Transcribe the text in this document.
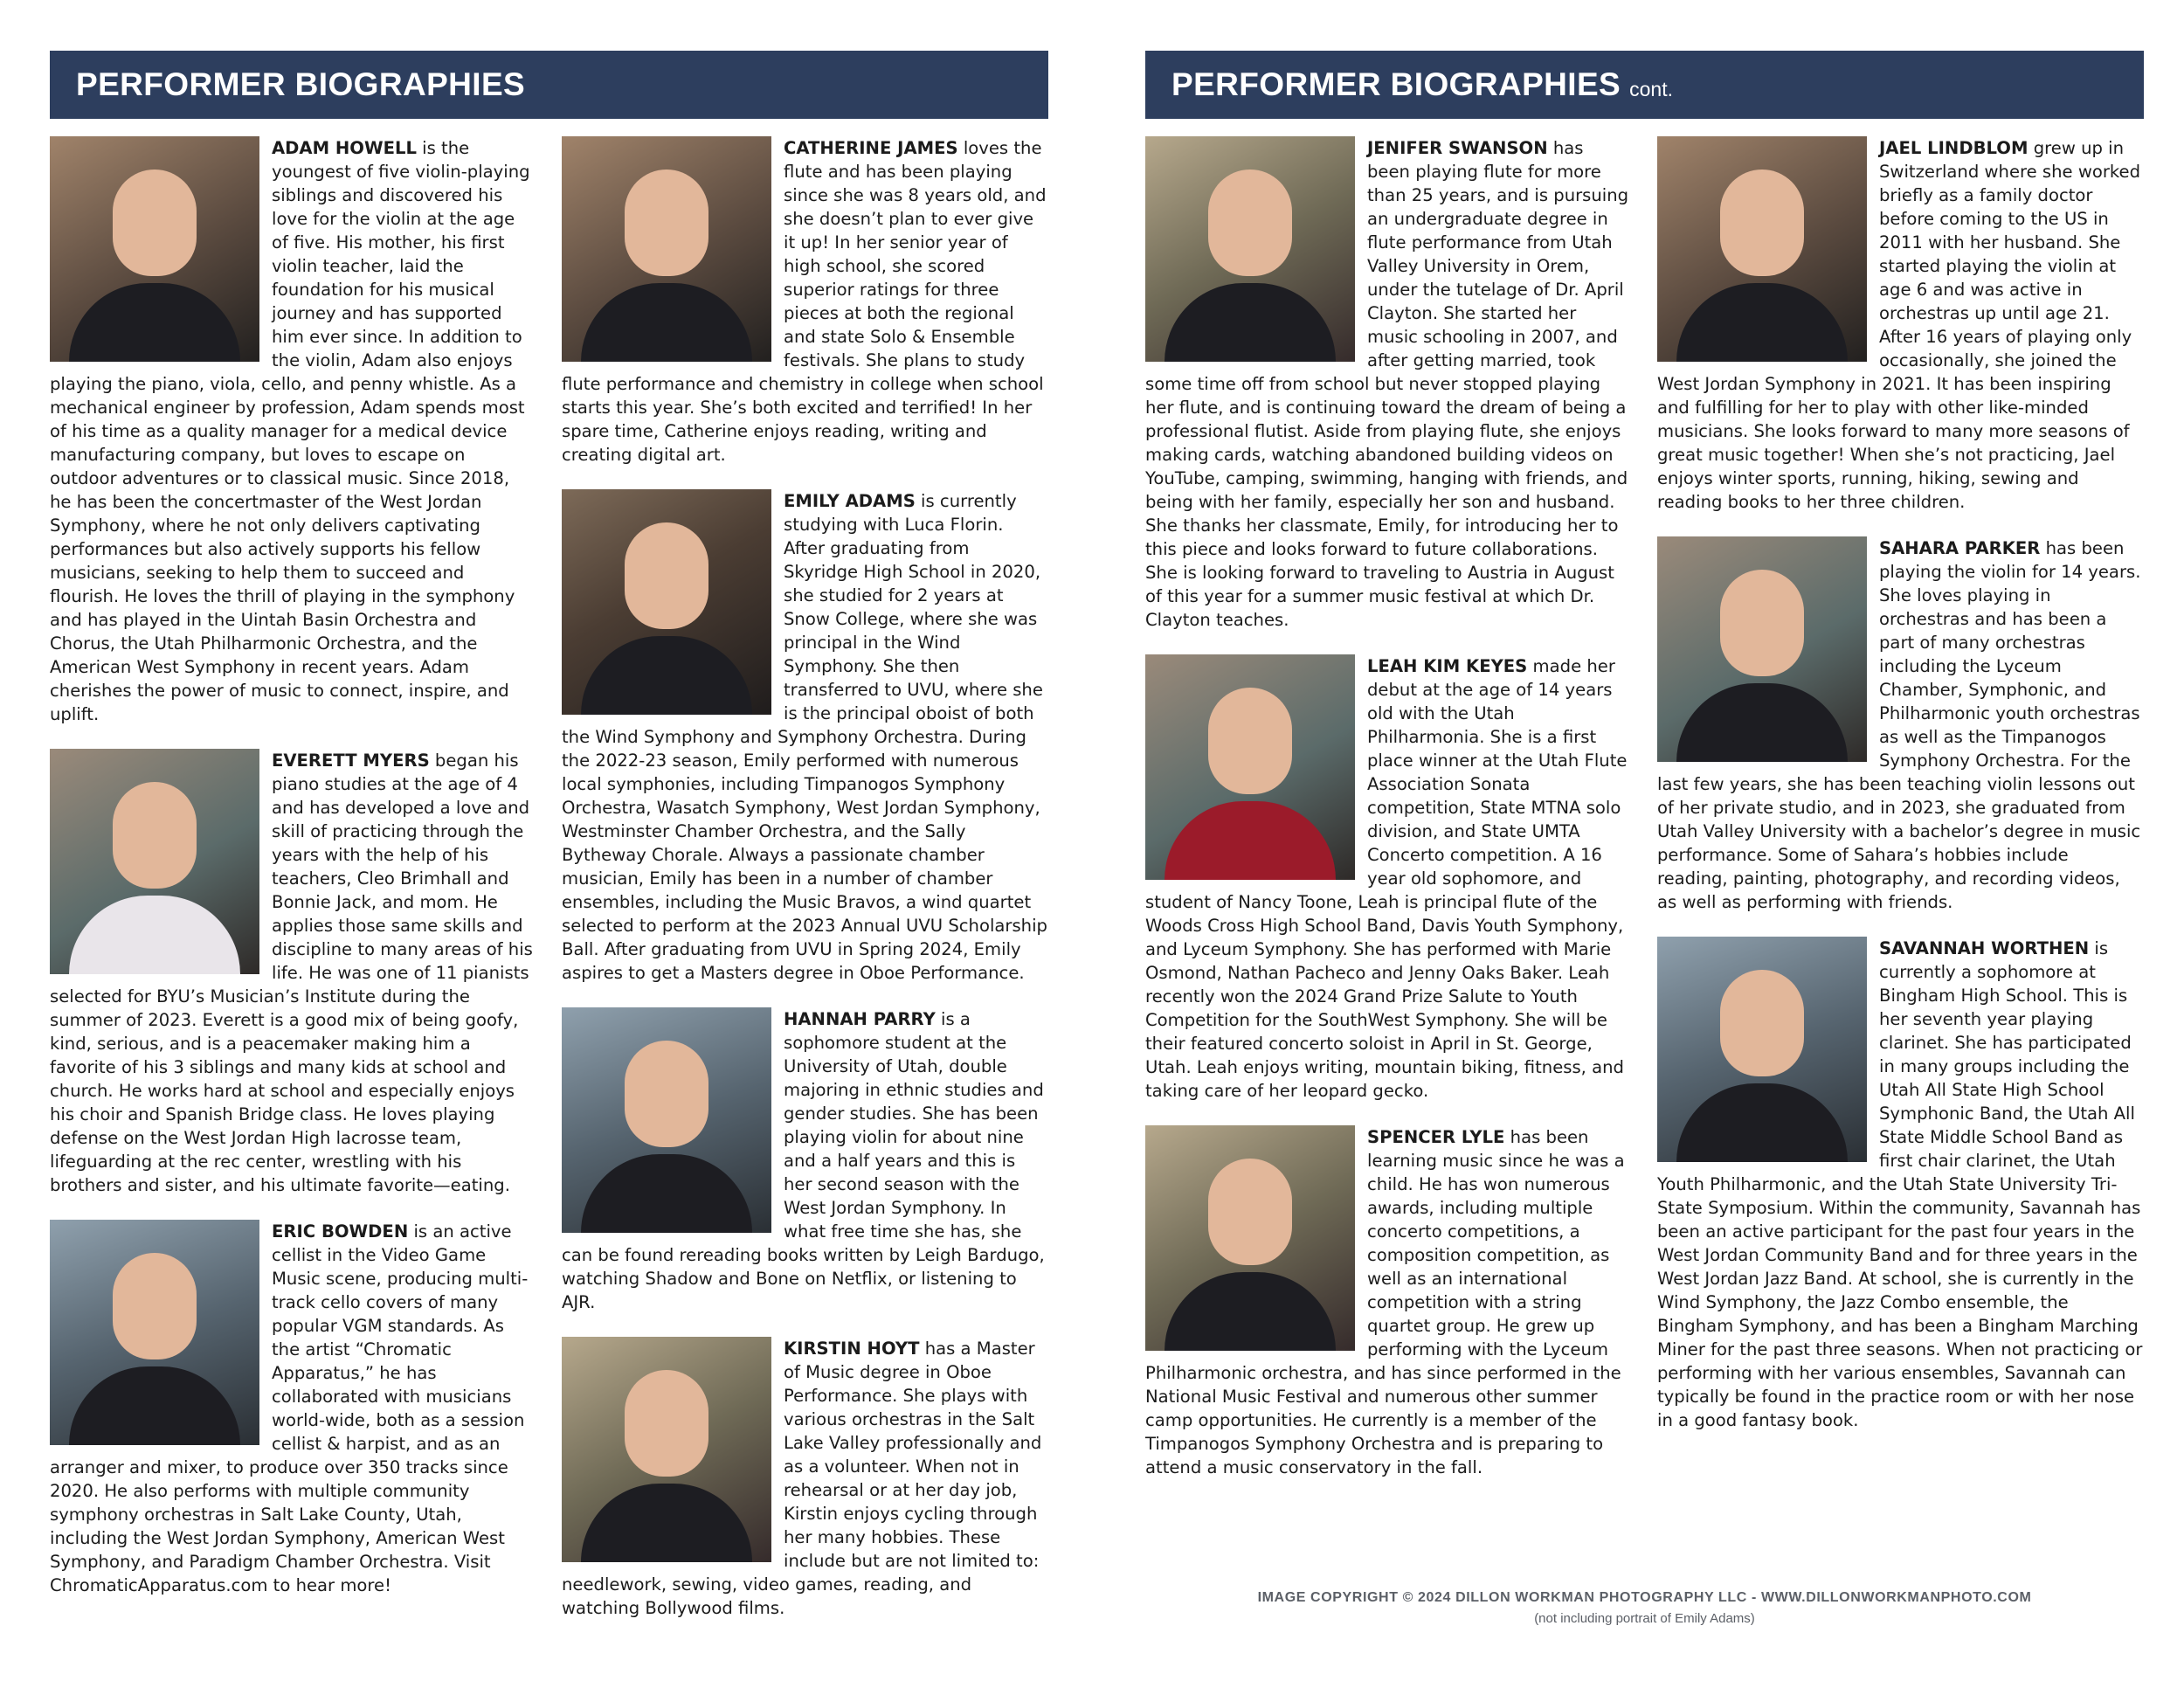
PERFORMER BIOGRAPHIES
ADAM HOWELL is the youngest of five violin-playing siblings and discovered his love for the violin at the age of five. His mother, his first violin teacher, laid the foundation for his musical journey and has supported him ever since. In addition to the violin, Adam also enjoys playing the piano, viola, cello, and penny whistle. As a mechanical engineer by profession, Adam spends most of his time as a quality manager for a medical device manufacturing company, but loves to escape on outdoor adventures or to classical music. Since 2018, he has been the concertmaster of the West Jordan Symphony, where he not only delivers captivating performances but also actively supports his fellow musicians, seeking to help them to succeed and flourish. He loves the thrill of playing in the symphony and has played in the Uintah Basin Orchestra and Chorus, the Utah Philharmonic Orchestra, and the American West Symphony in recent years. Adam cherishes the power of music to connect, inspire, and uplift.
EVERETT MYERS began his piano studies at the age of 4 and has developed a love and skill of practicing through the years with the help of his teachers, Cleo Brimhall and Bonnie Jack, and mom. He applies those same skills and discipline to many areas of his life. He was one of 11 pianists selected for BYU’s Musician’s Institute during the summer of 2023. Everett is a good mix of being goofy, kind, serious, and is a peacemaker making him a favorite of his 3 siblings and many kids at school and church. He works hard at school and especially enjoys his choir and Spanish Bridge class. He loves playing defense on the West Jordan High lacrosse team, lifeguarding at the rec center, wrestling with his brothers and sister, and his ultimate favorite—eating.
ERIC BOWDEN is an active cellist in the Video Game Music scene, producing multi-track cello covers of many popular VGM standards. As the artist “Chromatic Apparatus,” he has collaborated with musicians world-wide, both as a session cellist & harpist, and as an arranger and mixer, to produce over 350 tracks since 2020. He also performs with multiple community symphony orchestras in Salt Lake County, Utah, including the West Jordan Symphony, American West Symphony, and Paradigm Chamber Orchestra. Visit ChromaticApparatus.com to hear more!
CATHERINE JAMES loves the flute and has been playing since she was 8 years old, and she doesn’t plan to ever give it up! In her senior year of high school, she scored superior ratings for three pieces at both the regional and state Solo & Ensemble festivals. She plans to study flute performance and chemistry in college when school starts this year. She’s both excited and terrified! In her spare time, Catherine enjoys reading, writing and creating digital art.
EMILY ADAMS is currently studying with Luca Florin. After graduating from Skyridge High School in 2020, she studied for 2 years at Snow College, where she was principal in the Wind Symphony. She then transferred to UVU, where she is the principal oboist of both the Wind Symphony and Symphony Orchestra. During the 2022-23 season, Emily performed with numerous local symphonies, including Timpanogos Symphony Orchestra, Wasatch Symphony, West Jordan Symphony, Westminster Chamber Orchestra, and the Sally Bytheway Chorale. Always a passionate chamber musician, Emily has been in a number of chamber ensembles, including the Music Bravos, a wind quartet selected to perform at the 2023 Annual UVU Scholarship Ball. After graduating from UVU in Spring 2024, Emily aspires to get a Masters degree in Oboe Performance.
HANNAH PARRY is a sophomore student at the University of Utah, double majoring in ethnic studies and gender studies. She has been playing violin for about nine and a half years and this is her second season with the West Jordan Symphony. In what free time she has, she can be found rereading books written by Leigh Bardugo, watching Shadow and Bone on Netflix, or listening to AJR.
KIRSTIN HOYT has a Master of Music degree in Oboe Performance. She plays with various orchestras in the Salt Lake Valley professionally and as a volunteer. When not in rehearsal or at her day job, Kirstin enjoys cycling through her many hobbies. These include but are not limited to: needlework, sewing, video games, reading, and watching Bollywood films.
PERFORMER BIOGRAPHIES cont.
JENIFER SWANSON has been playing flute for more than 25 years, and is pursuing an undergraduate degree in flute performance from Utah Valley University in Orem, under the tutelage of Dr. April Clayton. She started her music schooling in 2007, and after getting married, took some time off from school but never stopped playing her flute, and is continuing toward the dream of being a professional flutist. Aside from playing flute, she enjoys making cards, watching abandoned building videos on YouTube, camping, swimming, hanging with friends, and being with her family, especially her son and husband. She thanks her classmate, Emily, for introducing her to this piece and looks forward to future collaborations. She is looking forward to traveling to Austria in August of this year for a summer music festival at which Dr. Clayton teaches.
LEAH KIM KEYES made her debut at the age of 14 years old with the Utah Philharmonia. She is a first place winner at the Utah Flute Association Sonata competition, State MTNA solo division, and State UMTA Concerto competition. A 16 year old sophomore, and student of Nancy Toone, Leah is principal flute of the Woods Cross High School Band, Davis Youth Symphony, and Lyceum Symphony. She has performed with Marie Osmond, Nathan Pacheco and Jenny Oaks Baker. Leah recently won the 2024 Grand Prize Salute to Youth Competition for the SouthWest Symphony. She will be their featured concerto soloist in April in St. George, Utah. Leah enjoys writing, mountain biking, fitness, and taking care of her leopard gecko.
SPENCER LYLE has been learning music since he was a child. He has won numerous awards, including multiple concerto competitions, a composition competition, as well as an international competition with a string quartet group. He grew up performing with the Lyceum Philharmonic orchestra, and has since performed in the National Music Festival and numerous other summer camp opportunities. He currently is a member of the Timpanogos Symphony Orchestra and is preparing to attend a music conservatory in the fall.
JAEL LINDBLOM grew up in Switzerland where she worked briefly as a family doctor before coming to the US in 2011 with her husband. She started playing the violin at age 6 and was active in orchestras up until age 21. After 16 years of playing only occasionally, she joined the West Jordan Symphony in 2021. It has been inspiring and fulfilling for her to play with other like-minded musicians. She looks forward to many more seasons of great music together! When she’s not practicing, Jael enjoys winter sports, running, hiking, sewing and reading books to her three children.
SAHARA PARKER has been playing the violin for 14 years. She loves playing in orchestras and has been a part of many orchestras including the Lyceum Chamber, Symphonic, and Philharmonic youth orchestras as well as the Timpanogos Symphony Orchestra. For the last few years, she has been teaching violin lessons out of her private studio, and in 2023, she graduated from Utah Valley University with a bachelor’s degree in music performance. Some of Sahara’s hobbies include reading, painting, photography, and recording videos, as well as performing with friends.
SAVANNAH WORTHEN is currently a sophomore at Bingham High School. This is her seventh year playing clarinet. She has participated in many groups including the Utah All State High School Symphonic Band, the Utah All State Middle School Band as first chair clarinet, the Utah Youth Philharmonic, and the Utah State University Tri-State Symposium. Within the community, Savannah has been an active participant for the past four years in the West Jordan Community Band and for three years in the West Jordan Jazz Band. At school, she is currently in the Wind Symphony, the Jazz Combo ensemble, the Bingham Symphony, and has been a Bingham Marching Miner for the past three seasons. When not practicing or performing with her various ensembles, Savannah can typically be found in the practice room or with her nose in a good fantasy book.
IMAGE COPYRIGHT © 2024 DILLON WORKMAN PHOTOGRAPHY LLC - WWW.DILLONWORKMANPHOTO.COM
(not including portrait of Emily Adams)
